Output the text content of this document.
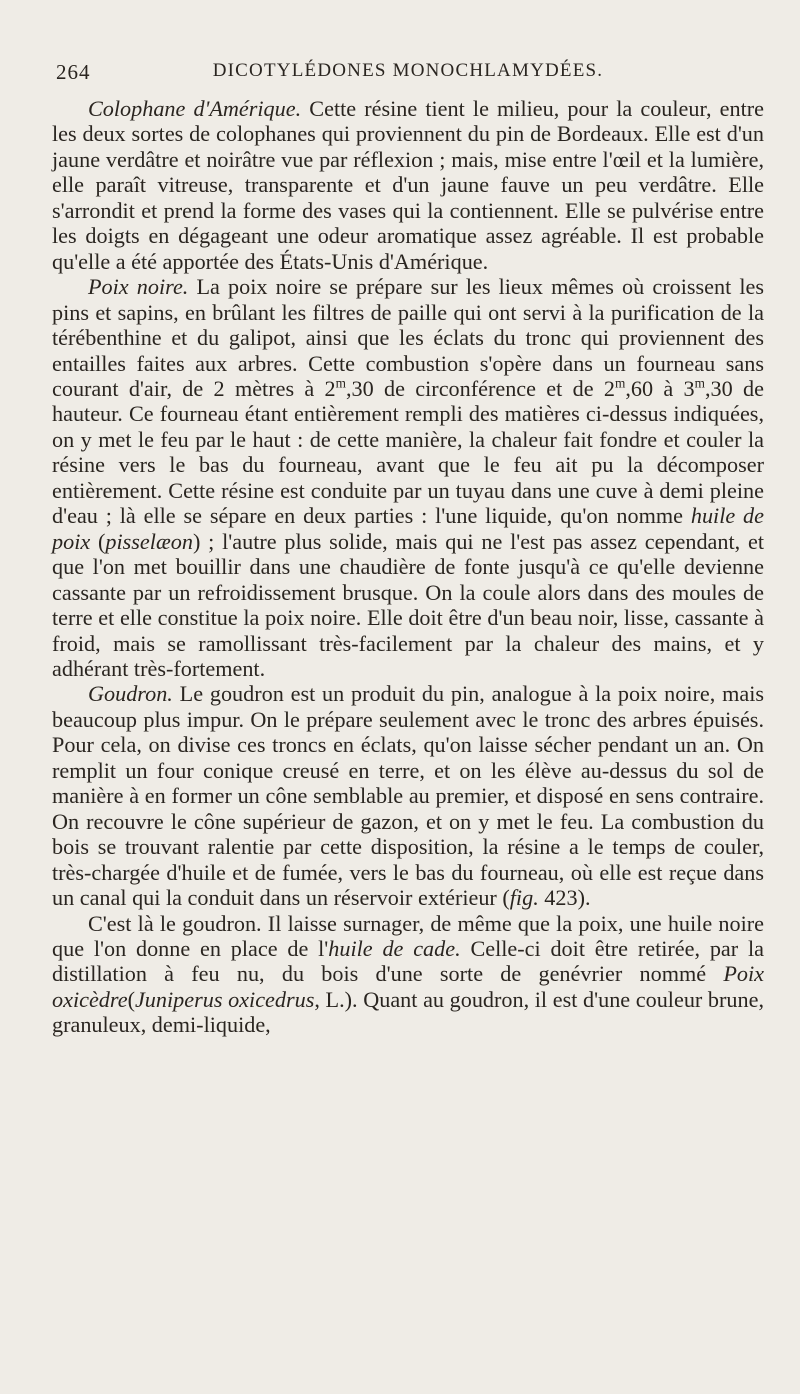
264	DICOTYLÉDONES MONOCHLAMYDÉES.

Colophane d'Amérique. Cette résine tient le milieu, pour la couleur, entre les deux sortes de colophanes qui proviennent du pin de Bordeaux. Elle est d'un jaune verdâtre et noirâtre vue par réflexion ; mais, mise entre l'œil et la lumière, elle paraît vitreuse, transparente et d'un jaune fauve un peu verdâtre. Elle s'arrondit et prend la forme des vases qui la contiennent. Elle se pulvérise entre les doigts en dégageant une odeur aromatique assez agréable. Il est probable qu'elle a été apportée des États-Unis d'Amérique.

Poix noire. La poix noire se prépare sur les lieux mêmes où croissent les pins et sapins, en brûlant les filtres de paille qui ont servi à la purification de la térébenthine et du galipot, ainsi que les éclats du tronc qui proviennent des entailles faites aux arbres. Cette combustion s'opère dans un fourneau sans courant d'air, de 2 mètres à 2$^m$,30 de circonférence et de 2$^m$,60 à 3$^m$,30 de hauteur. Ce fourneau étant entièrement rempli des matières ci-dessus indiquées, on y met le feu par le haut : de cette manière, la chaleur fait fondre et couler la résine vers le bas du fourneau, avant que le feu ait pu la décomposer entièrement. Cette résine est conduite par un tuyau dans une cuve à demi pleine d'eau ; là elle se sépare en deux parties : l'une liquide, qu'on nomme huile de poix (pisselæon) ; l'autre plus solide, mais qui ne l'est pas assez cependant, et que l'on met bouillir dans une chaudière de fonte jusqu'à ce qu'elle devienne cassante par un refroidissement brusque. On la coule alors dans des moules de terre et elle constitue la poix noire. Elle doit être d'un beau noir, lisse, cassante à froid, mais se ramollissant très-facilement par la chaleur des mains, et y adhérant très-fortement.

Goudron. Le goudron est un produit du pin, analogue à la poix noire, mais beaucoup plus impur. On le prépare seulement avec le tronc des arbres épuisés. Pour cela, on divise ces troncs en éclats, qu'on laisse sécher pendant un an. On remplit un four conique creusé en terre, et on les élève au-dessus du sol de manière à en former un cône semblable au premier, et disposé en sens contraire. On recouvre le cône supérieur de gazon, et on y met le feu. La combustion du bois se trouvant ralentie par cette disposition, la résine a le temps de couler, très-chargée d'huile et de fumée, vers le bas du fourneau, où elle est reçue dans un canal qui la conduit dans un réservoir extérieur (fig. 423).

C'est là le goudron. Il laisse surnager, de même que la poix, une huile noire que l'on donne en place de l'huile de cade. Celle-ci doit être retirée, par la distillation à feu nu, du bois d'une sorte de genévrier nommé Poix oxicèdre(Juniperus oxicedrus, L.). Quant au goudron, il est d'une couleur brune, granuleux, demi-liquide,
